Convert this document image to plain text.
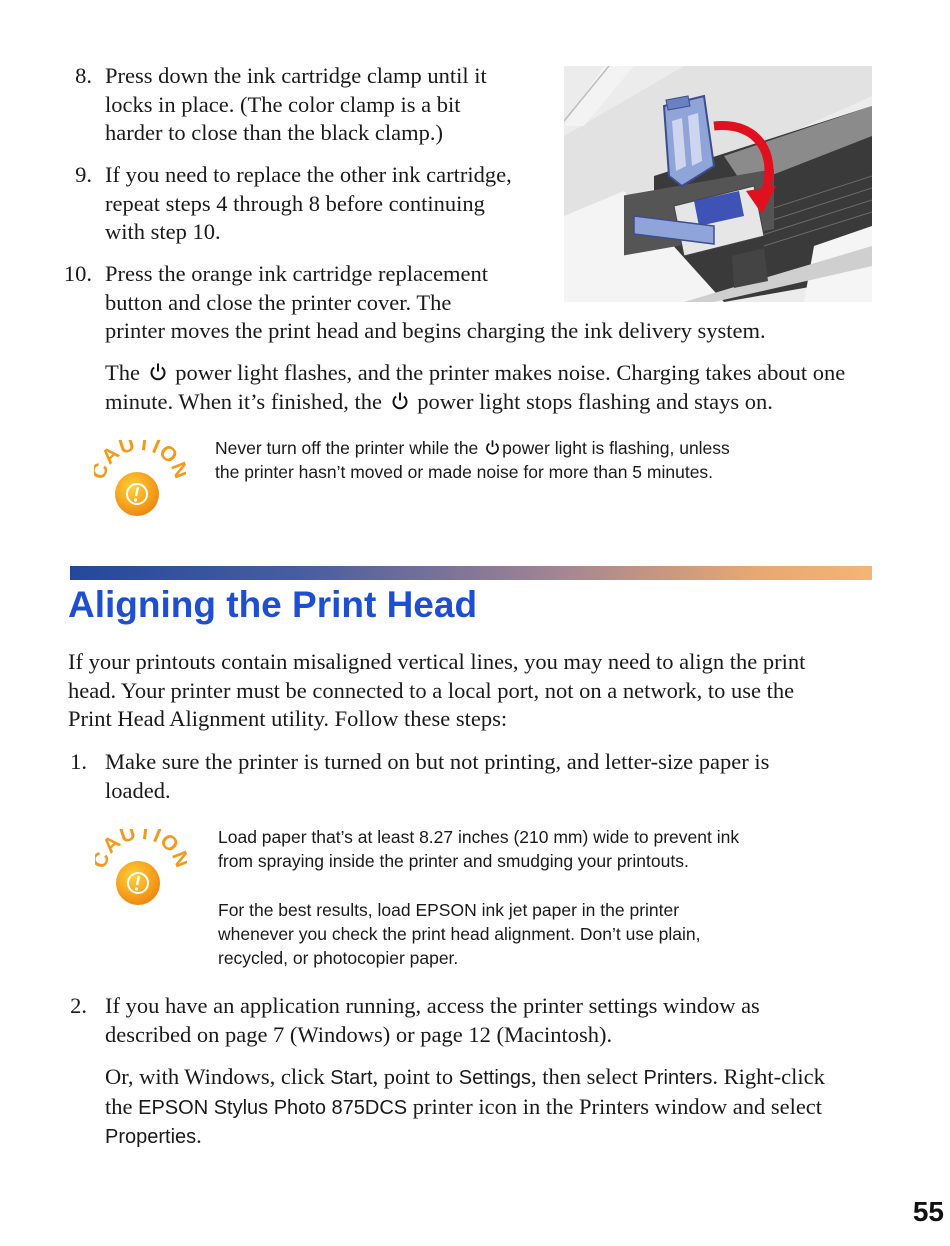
8. Press down the ink cartridge clamp until it
locks in place. (The color clamp is a bit
harder to close than the black clamp.)
9. If you need to replace the other ink cartridge,
repeat steps 4 through 8 before continuing
with step 10.
10. Press the orange ink cartridge replacement
button and close the printer cover. The
printer moves the print head and begins charging the ink delivery system.
The power light flashes, and the printer makes noise. Charging takes about one
minute. When it’s finished, the power light stops flashing and stays on.
AUTIO	Never turn off the printer while the power light is flashing, unless
the printer hasn’t moved or made noise for more than 5 minutes.
Aligning the Print Head
If your printouts contain misaligned vertical lines, you may need to align the print
head. Your printer must be connected to a local port, not on a network, to use the
Print Head Alignment utility. Follow these steps:
1. Make sure the printer is turned on but not printing, and letter-size paper is
loaded.
AUTIO	Load paper that’s at least 8.27 inches (210 mm) wide to prevent ink
from spraying inside the printer and smudging your printouts.
For the best results, load EPSON ink jet paper in the printer
whenever you check the print head alignment. Don’t use plain,
recycled, or photocopier paper.
2. If you have an application running, access the printer settings window as
described on page 7 (Windows) or page 12 (Macintosh).
Or, with Windows, click Start, point to Settings, then select Printers. Right-click
the EPSON Stylus Photo 875DCS printer icon in the Printers window and select
Properties.
55
